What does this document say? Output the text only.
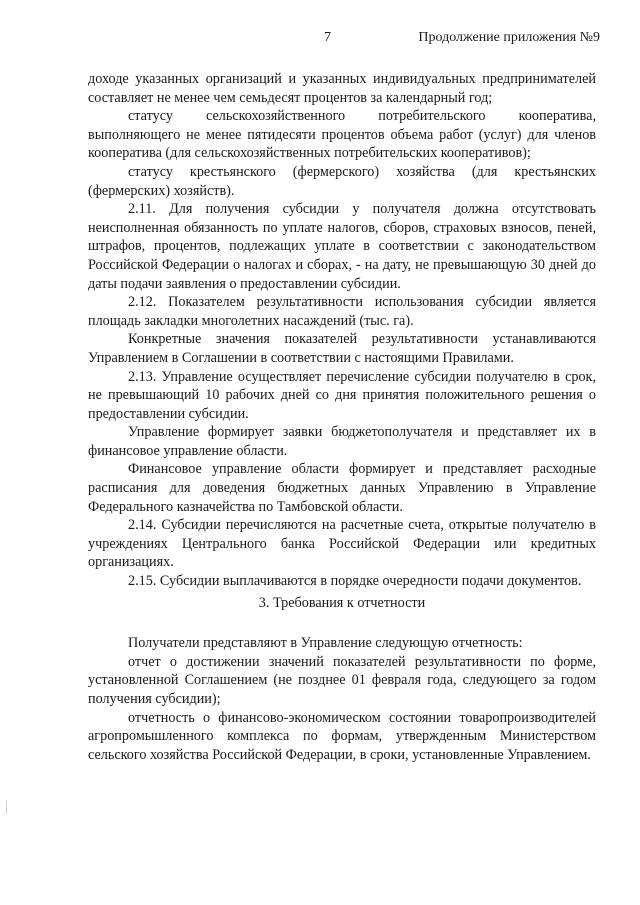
7	Продолжение приложения №9

доходе указанных организаций и указанных индивидуальных предпринимателей составляет не менее чем семьдесят процентов за календарный год;

статусу сельскохозяйственного потребительского кооператива, выполняющего не менее пятидесяти процентов объема работ (услуг) для членов кооператива (для сельскохозяйственных потребительских кооперативов);

статусу крестьянского (фермерского) хозяйства (для крестьянских (фермерских) хозяйств).

2.11. Для получения субсидии у получателя должна отсутствовать неисполненная обязанность по уплате налогов, сборов, страховых взносов, пеней, штрафов, процентов, подлежащих уплате в соответствии с законодательством Российской Федерации о налогах и сборах, - на дату, не превышающую 30 дней до даты подачи заявления о предоставлении субсидии.

2.12. Показателем результативности использования субсидии является площадь закладки многолетних насаждений (тыс. га).

Конкретные значения показателей результативности устанавливаются Управлением в Соглашении в соответствии с настоящими Правилами.

2.13. Управление осуществляет перечисление субсидии получателю в срок, не превышающий 10 рабочих дней со дня принятия положительного решения о предоставлении субсидии.

Управление формирует заявки бюджетополучателя и представляет их в финансовое управление области.

Финансовое управление области формирует и представляет расходные расписания для доведения бюджетных данных Управлению в Управление Федерального казначейства по Тамбовской области.

2.14. Субсидии перечисляются на расчетные счета, открытые получателю в учреждениях Центрального банка Российской Федерации или кредитных организациях.

2.15. Субсидии выплачиваются в порядке очередности подачи документов.

3. Требования к отчетности

Получатели представляют в Управление следующую отчетность:

отчет о достижении значений показателей результативности по форме, установленной Соглашением (не позднее 01 февраля года, следующего за годом получения субсидии);

отчетность о финансово-экономическом состоянии товаропроизводителей агропромышленного комплекса по формам, утвержденным Министерством сельского хозяйства Российской Федерации, в сроки, установленные Управлением.
